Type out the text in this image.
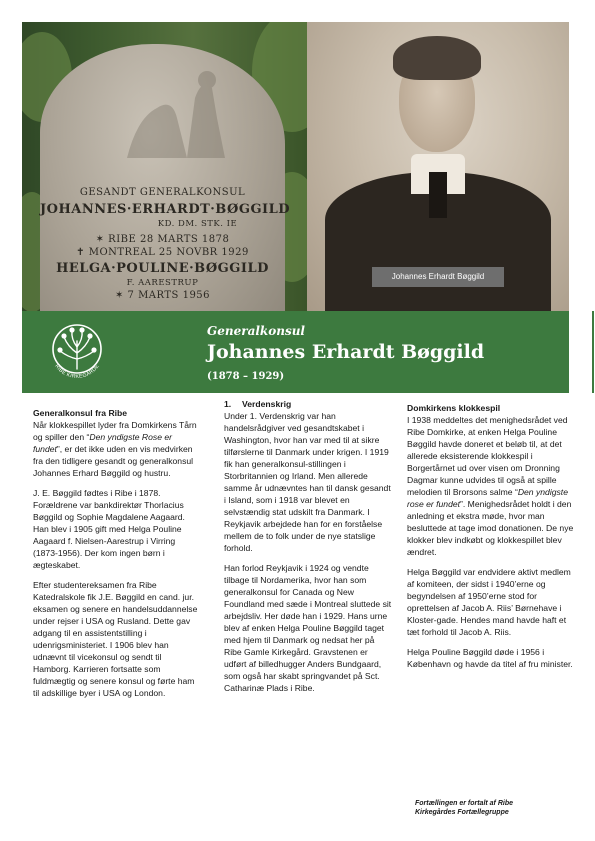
GESANDT GENERALKONSUL
JOHANNES·ERHARDT·BØGGILD
KD. DM. STK. IE
✶ RIBE 28 MARTS 1878
✝ MONTREAL 25 NOVBR 1929
HELGA·POULINE·BØGGILD
F. AARESTRUP
✶ 7 MARTS 1956
Johannes Erhardt Bøggild
RIBE KIRKEGÅRDE
Generalkonsul
Johannes Erhardt Bøggild
(1878 – 1929)
Generalkonsul fra Ribe

Når klokkespillet lyder fra Domkirkens Tårn og spiller den “Den yndigste Rose er fundet”, er det ikke uden en vis medvirken fra den tidligere gesandt og generalkonsul Johannes Erhard Bøggild og hustru.

J. E. Bøggild fødtes i Ribe i 1878. Forældrene var bankdirektør Thorlacius Bøggild og Sophie Magdalene Aagaard. Han blev i 1905 gift med Helga Pouline Aagaard f. Nielsen-Aarestrup i Virring (1873-1956). Der kom ingen børn i ægteskabet.

Efter studentereksamen fra Ribe Katedralskole fik J.E. Bøggild en cand. jur. eksamen og senere en handelsuddannelse under rejser i USA og Rusland. Dette gav adgang til en assistentstilling i udenrigsministeriet. I 1906 blev han udnævnt til vicekonsul og sendt til Hamborg. Karrieren fortsatte som fuldmægtig og senere konsul og førte ham til adskillige byer i USA og London.

1. Verdenskrig

Under 1. Verdenskrig var han handelsrådgiver ved gesandtskabet i Washington, hvor han var med til at sikre tilførslerne til Danmark under krigen. I 1919 fik han generalkonsul-stillingen i Storbritannien og Irland. Men allerede samme år udnævntes han til dansk gesandt i Island, som i 1918 var blevet en selvstændig stat udskilt fra Danmark. I Reykjavik arbejdede han for en forståelse mellem de to folk under de nye statslige forhold.

Han forlod Reykjavik i 1924 og vendte tilbage til Nordamerika, hvor han som generalkonsul for Canada og New Foundland med sæde i Montreal sluttede sit arbejdsliv. Her døde han i 1929. Hans urne blev af enken Helga Pouline Bøggild taget med hjem til Danmark og nedsat her på Ribe Gamle Kirkegård. Gravstenen er udført af billedhugger Anders Bundgaard, som også har skabt springvandet på Sct. Catharinæ Plads i Ribe.

Domkirkens klokkespil

I 1938 meddeltes det menighedsrådet ved Ribe Domkirke, at enken Helga Pouline Bøggild havde doneret et beløb til, at det allerede eksisterende klokkespil i Borgertårnet ud over visen om Dronning Dagmar kunne udvides til også at spille melodien til Brorsons salme “Den yndigste rose er fundet”. Menighedsrådet holdt i den anledning et ekstra møde, hvor man besluttede at tage imod donationen. De nye klokker blev indkøbt og klokkespillet blev ændret.

Helga Bøggild var endvidere aktivt medlem af komiteen, der sidst i 1940’erne og begyndelsen af 1950’erne stod for oprettelsen af Jacob A. Riis’ Børnehave i Kloster-gade. Hendes mand havde haft et tæt forhold til Jacob A. Riis.

Helga Pouline Bøggild døde i 1956 i København og havde da titel af fru minister.

Fortællingen er fortalt af Ribe
Kirkegårdes Fortællegruppe
